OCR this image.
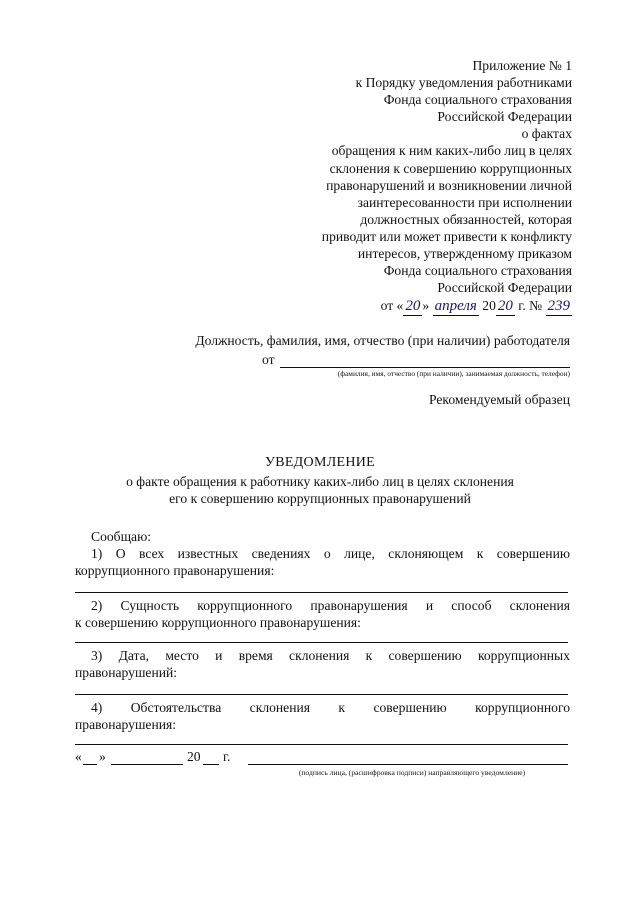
Приложение № 1
к Порядку уведомления работниками
Фонда социального страхования
Российской Федерации
о фактах
обращения к ним каких-либо лиц в целях
склонения к совершению коррупционных
правонарушений и возникновении личной
заинтересованности при исполнении
должностных обязанностей, которая
приводит или может привести к конфликту
интересов, утвержденному приказом
Фонда социального страхования
Российской Федерации
от « 20 » апреля 20 20 г. № 239
Должность, фамилия, имя, отчество (при наличии) работодателя
от
(фамилия, имя, отчество (при наличии), занимаемая должность, телефон)
Рекомендуемый образец
УВЕДОМЛЕНИЕ
о факте обращения к работнику каких-либо лиц в целях склонения
его к совершению коррупционных правонарушений
Сообщаю:
1) О всех известных сведениях о лице, склоняющем к совершению
коррупционного правонарушения:
2) Сущность коррупционного правонарушения и способ склонения
к совершению коррупционного правонарушения:
3) Дата, место и время склонения к совершению коррупционных
правонарушений:
4) Обстоятельства склонения к совершению коррупционного
правонарушения:
« »	20 г.
(подпись лица, (расшифровка подписи) направляющего уведомление)
